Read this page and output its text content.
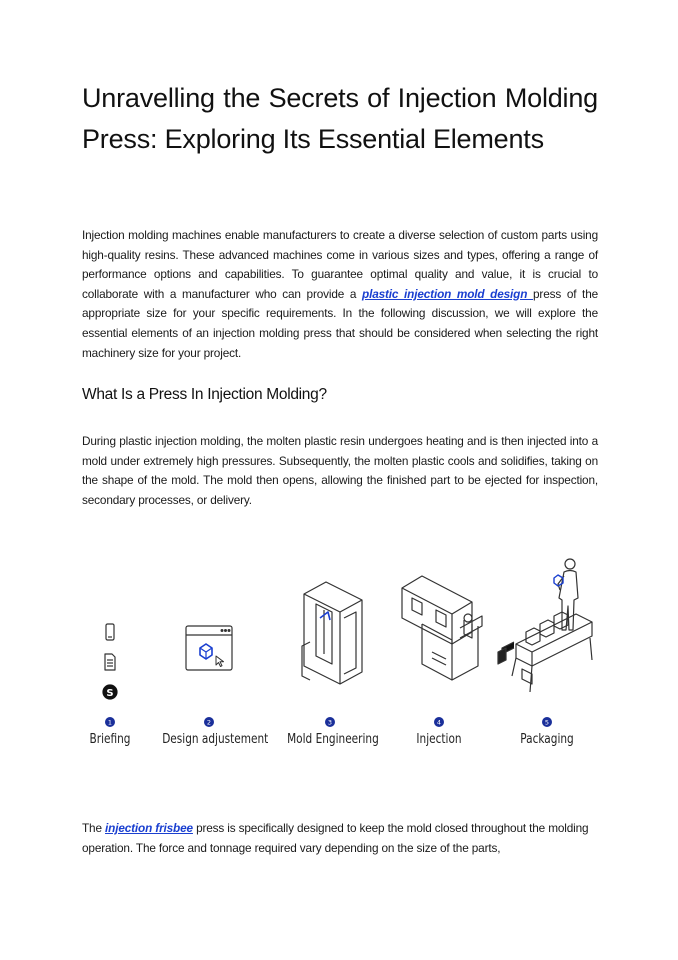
Unravelling the Secrets of Injection Molding Press: Exploring Its Essential Elements

Injection molding machines enable manufacturers to create a diverse selection of custom parts using high-quality resins. These advanced machines come in various sizes and types, offering a range of performance options and capabilities. To guarantee optimal quality and value, it is crucial to collaborate with a manufacturer who can provide a plastic injection mold design press of the appropriate size for your specific requirements. In the following discussion, we will explore the essential elements of an injection molding press that should be considered when selecting the right machinery size for your project.

What Is a Press In Injection Molding?

During plastic injection molding, the molten plastic resin undergoes heating and is then injected into a mold under extremely high pressures. Subsequently, the molten plastic cools and solidifies, taking on the shape of the mold. The mold then opens, allowing the finished part to be ejected for inspection, secondary processes, or delivery.

S
1	2	3	4	5
Briefing Design adjustement Mold Engineering	Injection	Packaging

The injection frisbee press is specifically designed to keep the mold closed throughout the molding operation. The force and tonnage required vary depending on the size of the parts,
